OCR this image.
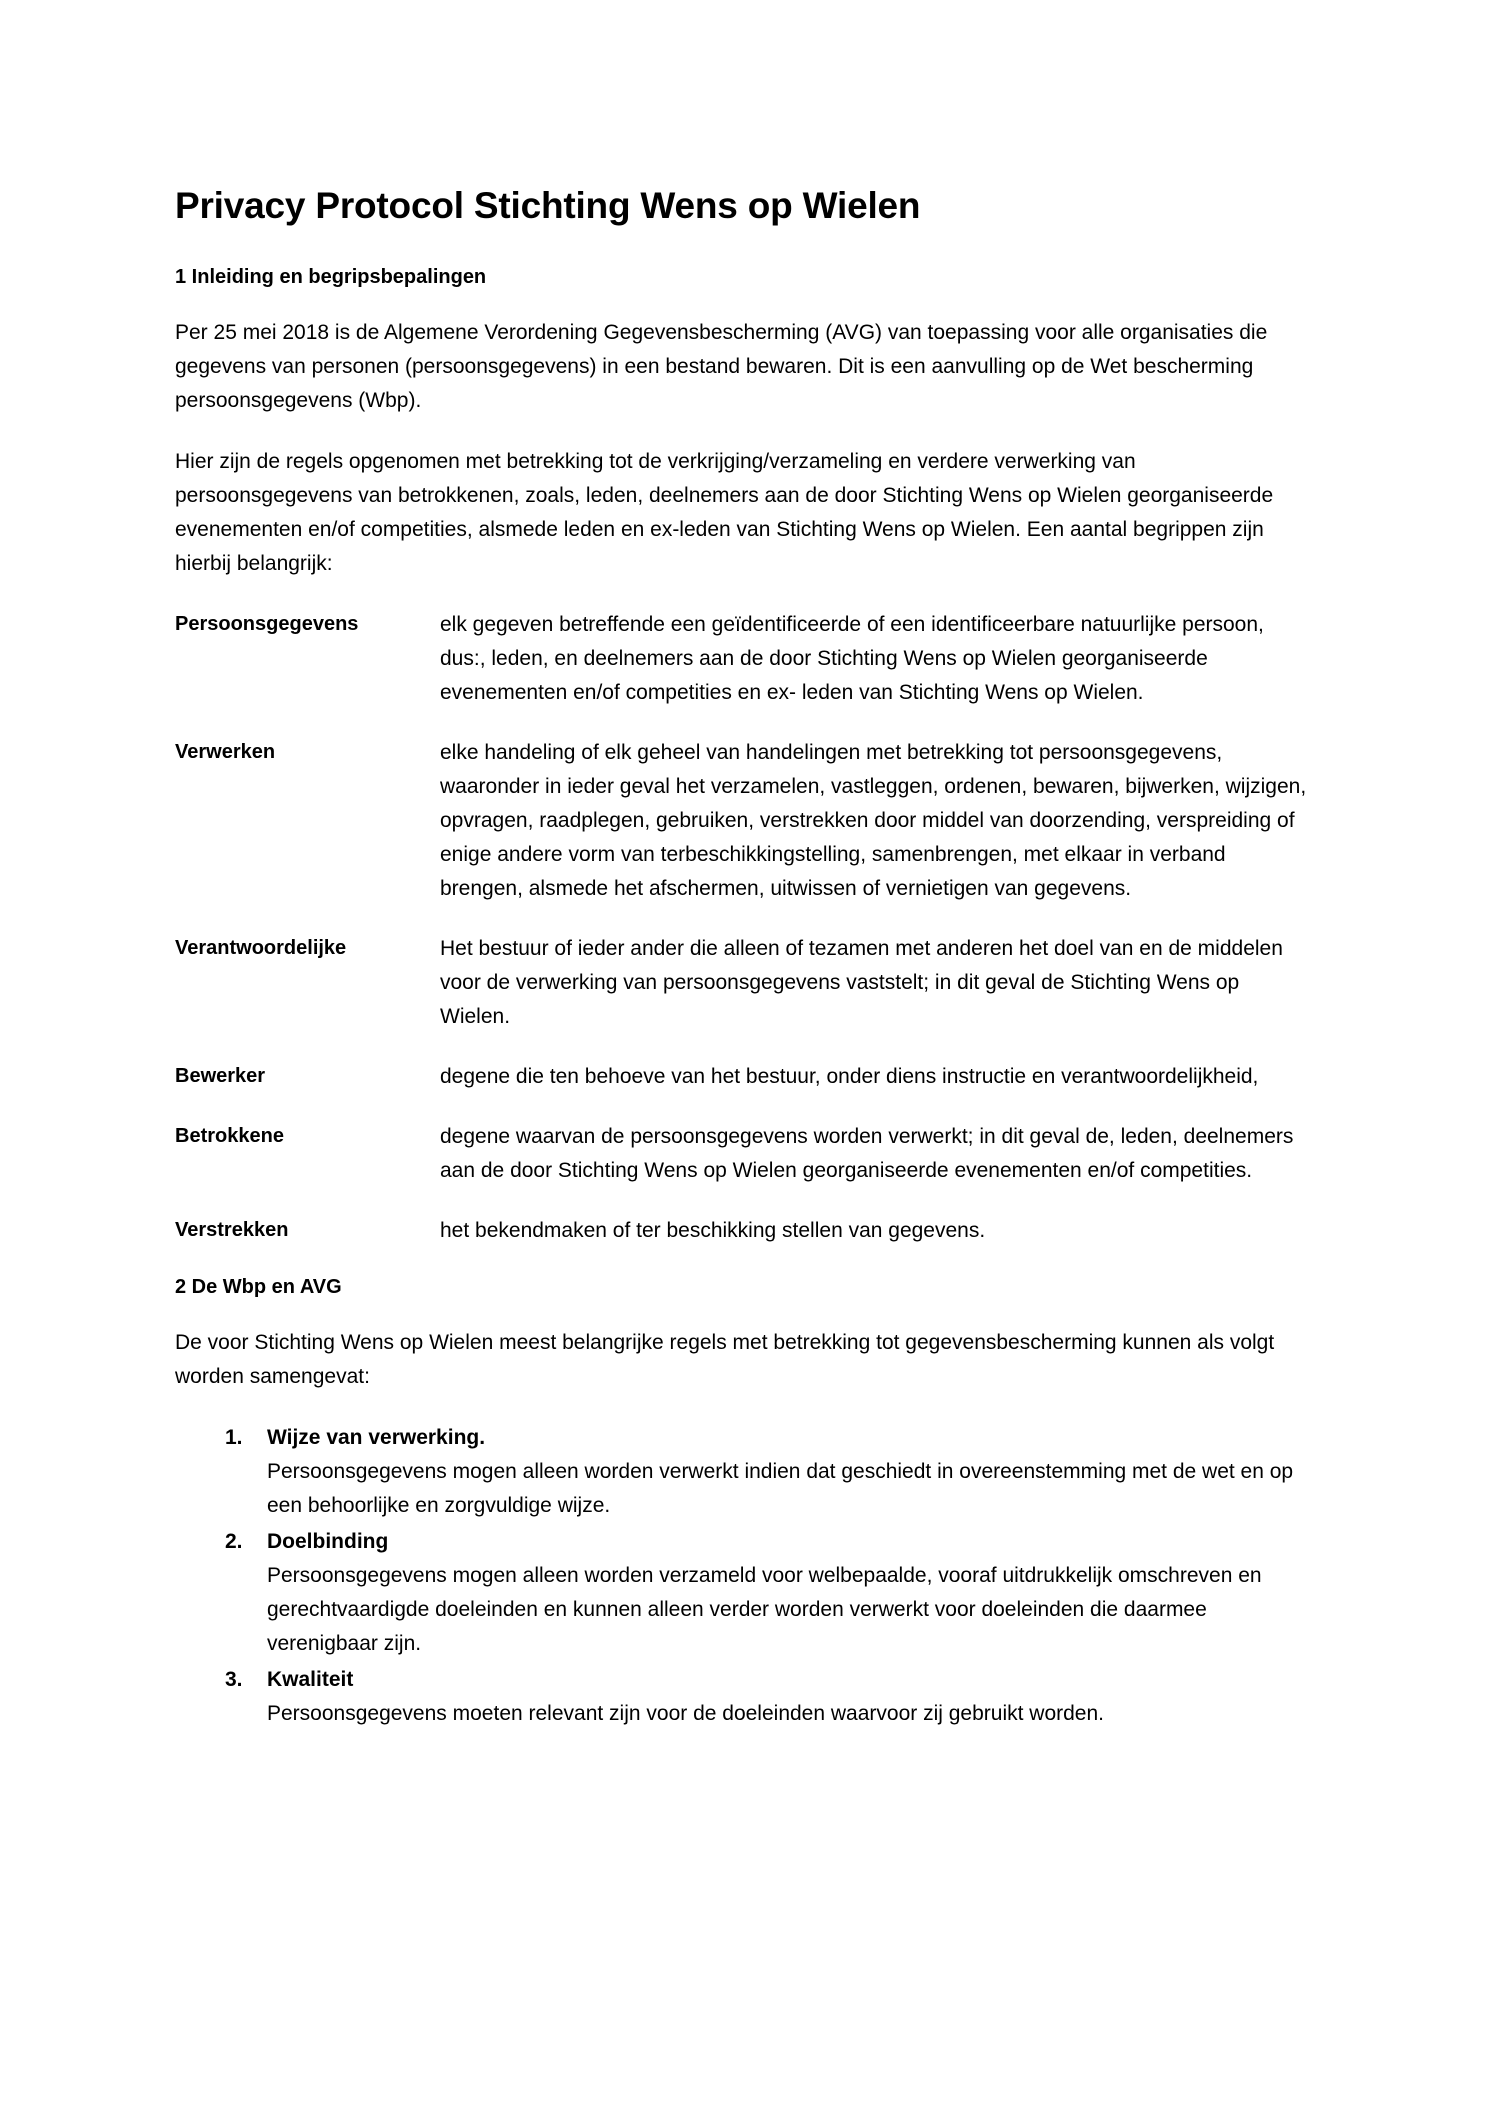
Privacy Protocol Stichting Wens op Wielen
1 Inleiding en begripsbepalingen

Per 25 mei 2018 is de Algemene Verordening Gegevensbescherming (AVG) van toepassing voor alle organisaties die gegevens van personen (persoonsgegevens) in een bestand bewaren. Dit is een aanvulling op de Wet bescherming persoonsgegevens (Wbp).

Hier zijn de regels opgenomen met betrekking tot de verkrijging/verzameling en verdere verwerking van persoonsgegevens van betrokkenen, zoals, leden, deelnemers aan de door Stichting Wens op Wielen georganiseerde evenementen en/of competities, alsmede leden en ex-leden van Stichting Wens op Wielen. Een aantal begrippen zijn hierbij belangrijk:

Persoonsgegevens	elk gegeven betreffende een geïdentificeerde of een identificeerbare natuurlijke persoon, dus:, leden, en deelnemers aan de door Stichting Wens op Wielen georganiseerde evenementen en/of competities en ex- leden van Stichting Wens op Wielen.
Verwerken	elke handeling of elk geheel van handelingen met betrekking tot persoonsgegevens, waaronder in ieder geval het verzamelen, vastleggen, ordenen, bewaren, bijwerken, wijzigen, opvragen, raadplegen, gebruiken, verstrekken door middel van doorzending, verspreiding of enige andere vorm van terbeschikkingstelling, samenbrengen, met elkaar in verband brengen, alsmede het afschermen, uitwissen of vernietigen van gegevens.
Verantwoordelijke	Het bestuur of ieder ander die alleen of tezamen met anderen het doel van en de middelen voor de verwerking van persoonsgegevens vaststelt; in dit geval de Stichting Wens op Wielen.
Bewerker	degene die ten behoeve van het bestuur, onder diens instructie en verantwoordelijkheid,
Betrokkene	degene waarvan de persoonsgegevens worden verwerkt; in dit geval de, leden, deelnemers aan de door Stichting Wens op Wielen georganiseerde evenementen en/of competities.
Verstrekken	het bekendmaken of ter beschikking stellen van gegevens.
2 De Wbp en AVG

De voor Stichting Wens op Wielen meest belangrijke regels met betrekking tot gegevensbescherming kunnen als volgt worden samengevat:

1. Wijze van verwerking.
Persoonsgegevens mogen alleen worden verwerkt indien dat geschiedt in overeenstemming met de wet en op een behoorlijke en zorgvuldige wijze.
2. Doelbinding
Persoonsgegevens mogen alleen worden verzameld voor welbepaalde, vooraf uitdrukkelijk omschreven en gerechtvaardigde doeleinden en kunnen alleen verder worden verwerkt voor doeleinden die daarmee verenigbaar zijn.
3. Kwaliteit
Persoonsgegevens moeten relevant zijn voor de doeleinden waarvoor zij gebruikt worden.
